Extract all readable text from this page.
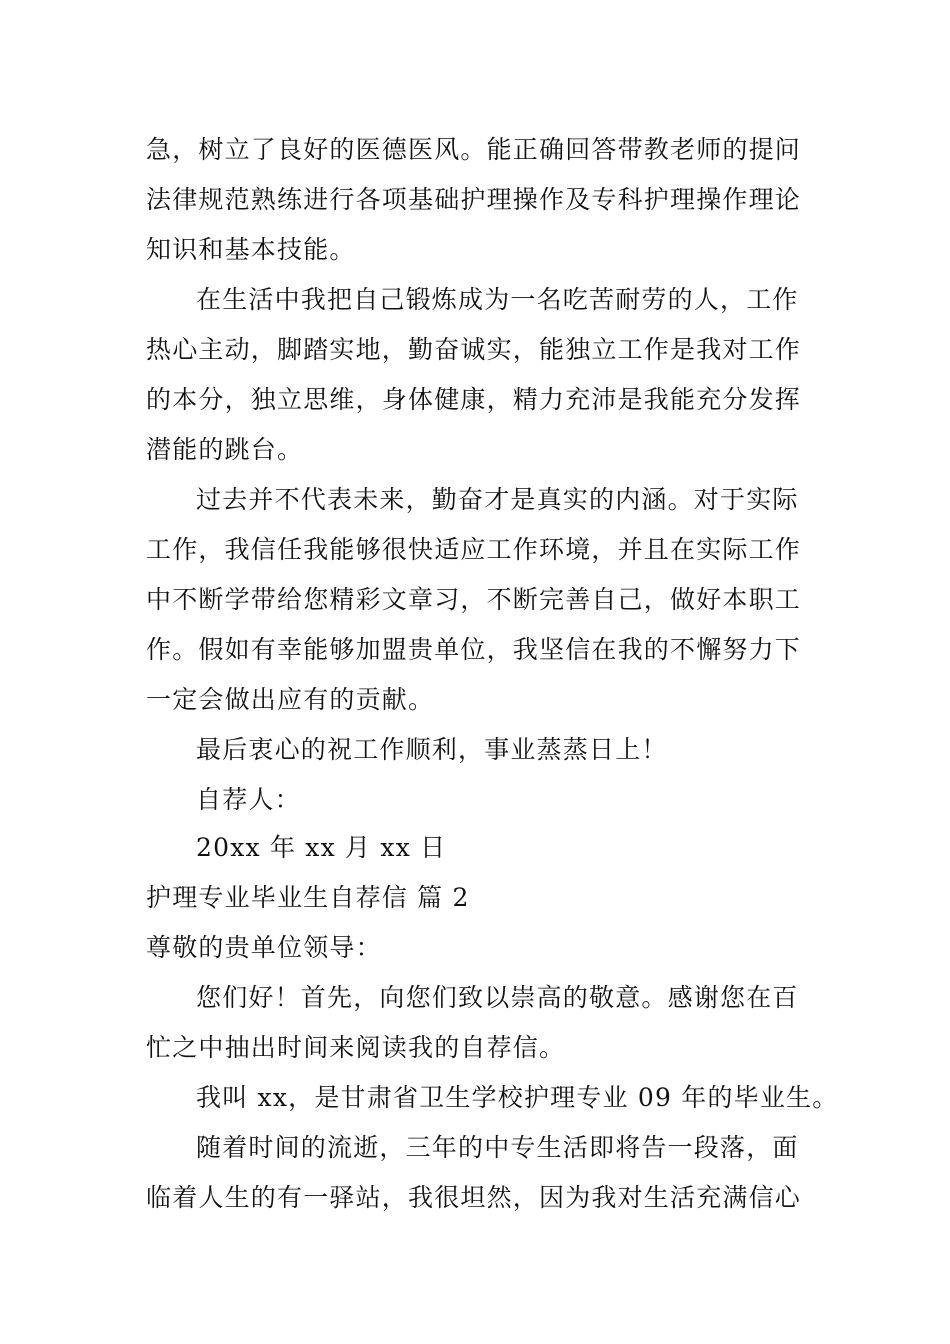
急，树立了良好的医德医风。能正确回答带教老师的提问
法律规范熟练进行各项基础护理操作及专科护理操作理论
知识和基本技能。
在生活中我把自己锻炼成为一名吃苦耐劳的人，工作
热心主动，脚踏实地，勤奋诚实，能独立工作是我对工作
的本分，独立思维，身体健康，精力充沛是我能充分发挥
潜能的跳台。
过去并不代表未来，勤奋才是真实的内涵。对于实际
工作，我信任我能够很快适应工作环境，并且在实际工作
中不断学带给您精彩文章习，不断完善自己，做好本职工
作。假如有幸能够加盟贵单位，我坚信在我的不懈努力下
一定会做出应有的贡献。
最后衷心的祝工作顺利，事业蒸蒸日上！
自荐人：
20xx 年 xx 月 xx 日
护理专业毕业生自荐信 篇 2
尊敬的贵单位领导：
您们好！首先，向您们致以崇高的敬意。感谢您在百
忙之中抽出时间来阅读我的自荐信。
我叫 xx，是甘肃省卫生学校护理专业 09 年的毕业生。
随着时间的流逝，三年的中专生活即将告一段落，面
临着人生的有一驿站，我很坦然，因为我对生活充满信心
